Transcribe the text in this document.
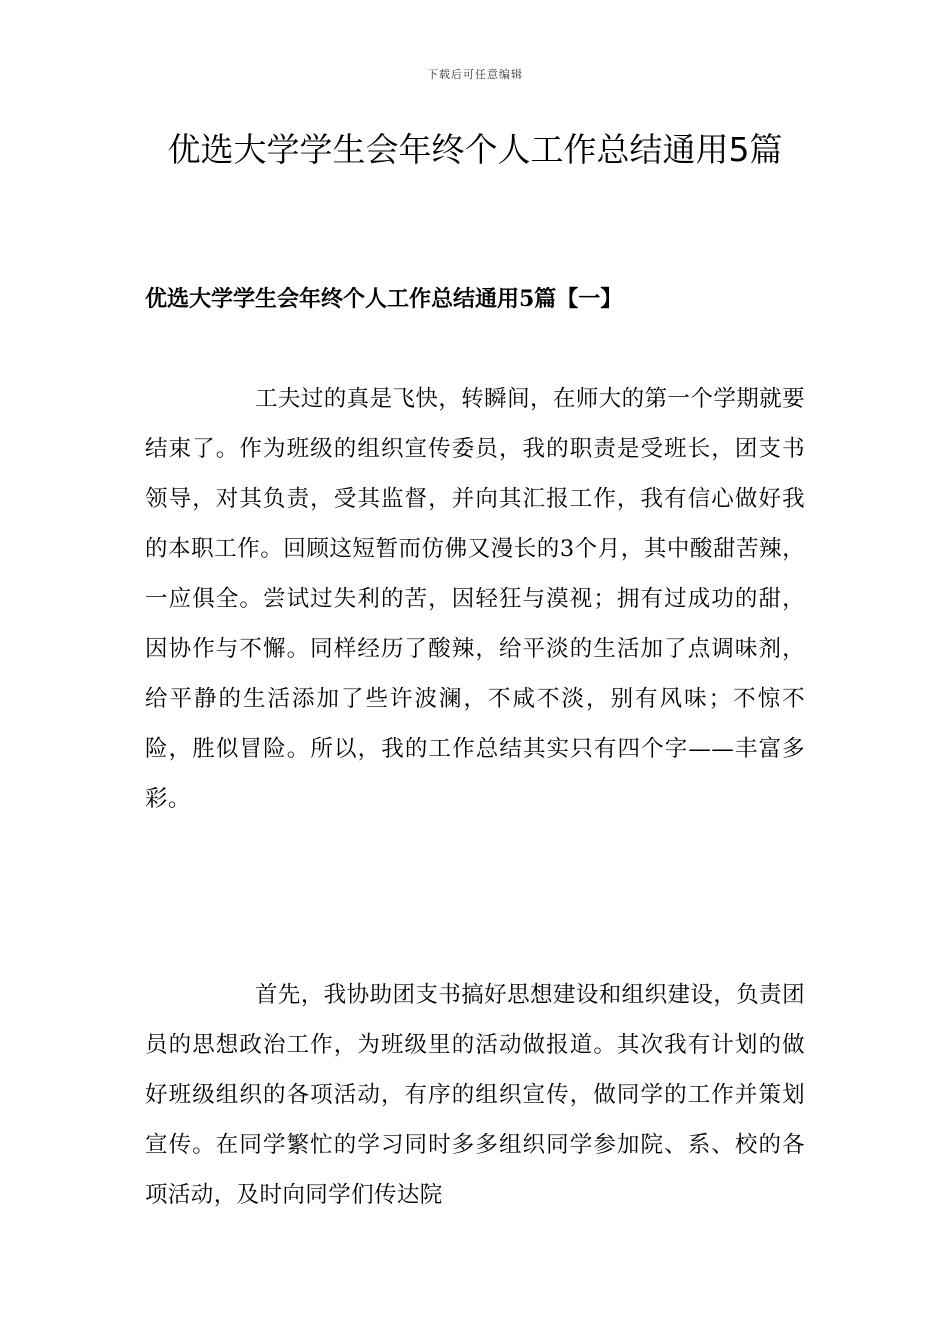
下载后可任意编辑
优选大学学生会年终个人工作总结通用5篇
优选大学学生会年终个人工作总结通用5篇【一】

工夫过的真是飞快，转瞬间，在师大的第一个学期就要结束了。作为班级的组织宣传委员，我的职责是受班长，团支书领导，对其负责，受其监督，并向其汇报工作，我有信心做好我的本职工作。回顾这短暂而仿佛又漫长的3个月，其中酸甜苦辣，一应俱全。尝试过失利的苦，因轻狂与漠视；拥有过成功的甜，因协作与不懈。同样经历了酸辣，给平淡的生活加了点调味剂，给平静的生活添加了些许波澜，不咸不淡，别有风味；不惊不险，胜似冒险。所以，我的工作总结其实只有四个字——丰富多彩。

首先，我协助团支书搞好思想建设和组织建设，负责团员的思想政治工作，为班级里的活动做报道。其次我有计划的做好班级组织的各项活动，有序的组织宣传，做同学的工作并策划宣传。在同学繁忙的学习同时多多组织同学参加院、系、校的各项活动，及时向同学们传达院
